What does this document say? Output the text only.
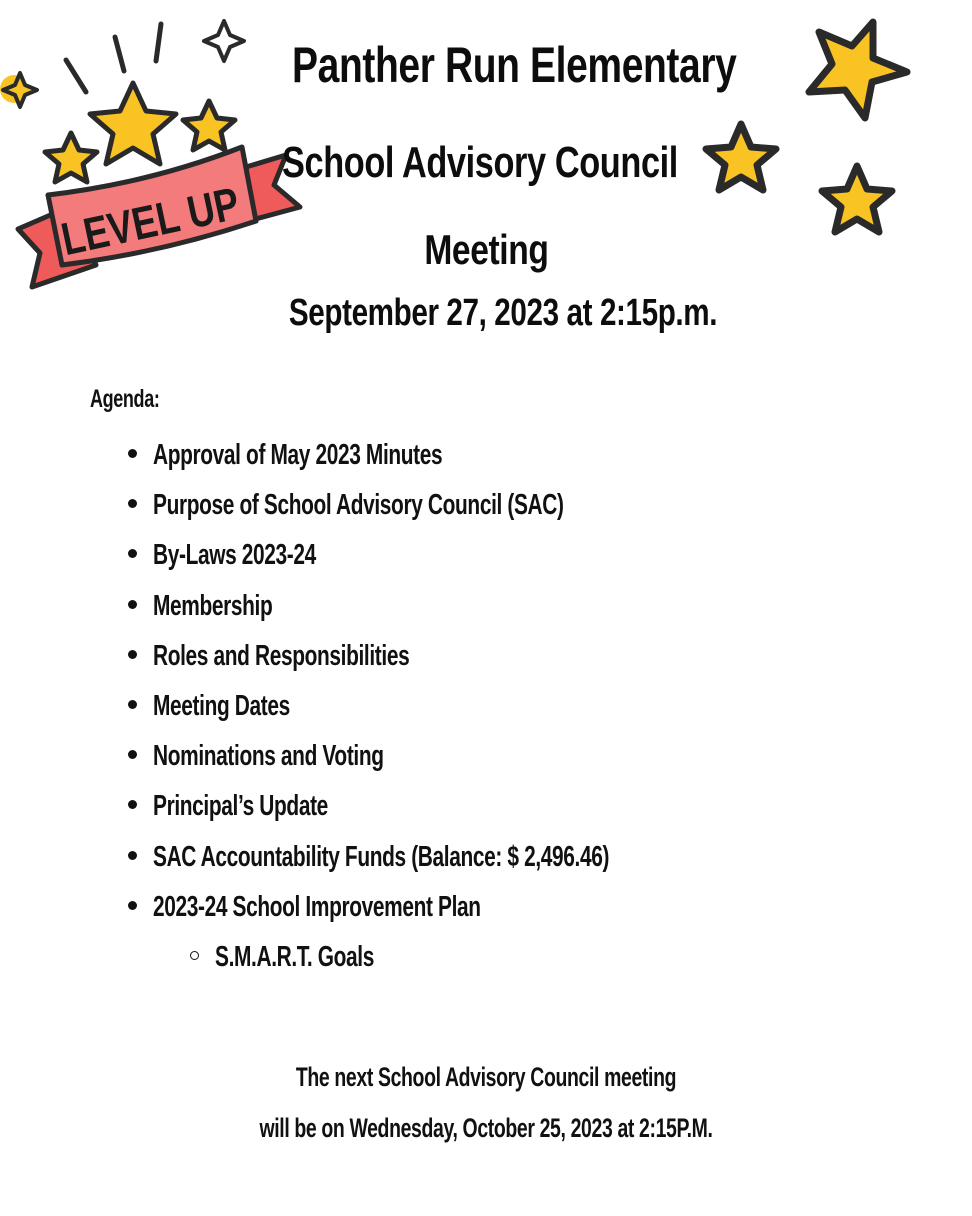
LEVEL UP
Panther Run Elementary
School Advisory Council
Meeting
September 27, 2023 at 2:15p.m.

Agenda:

Approval of May 2023 Minutes
Purpose of School Advisory Council (SAC)
By-Laws 2023-24
Membership
Roles and Responsibilities
Meeting Dates
Nominations and Voting
Principal’s Update
SAC Accountability Funds (Balance: $ 2,496.46)
2023-24 School Improvement Plan
S.M.A.R.T. Goals

The next School Advisory Council meeting

will be on Wednesday, October 25, 2023 at 2:15P.M.
